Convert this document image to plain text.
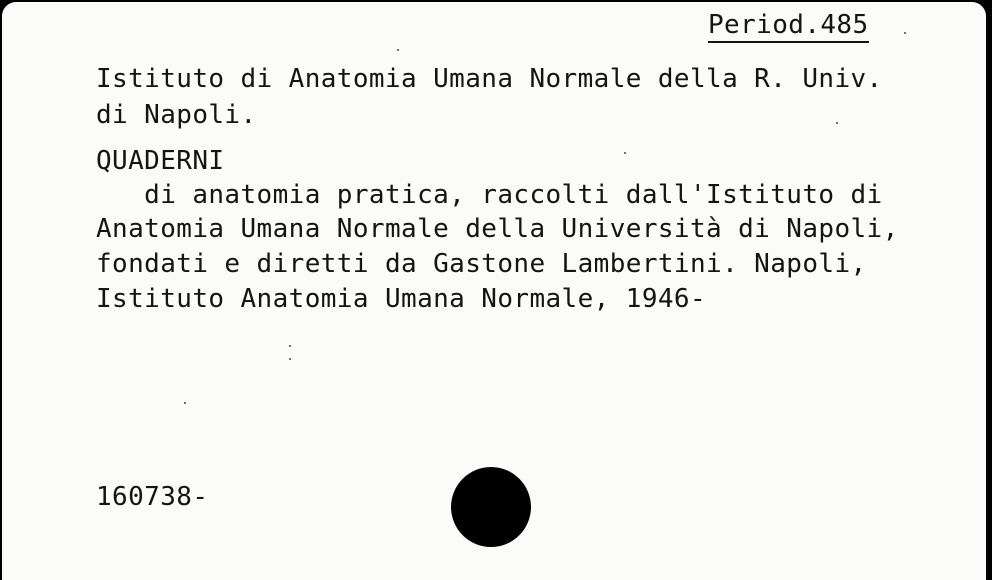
Period.485
Istituto di Anatomia Umana Normale della R. Univ.
di Napoli.
QUADERNI
di anatomia pratica, raccolti dall'Istituto di
Anatomia Umana Normale della Università di Napoli,
fondati e diretti da Gastone Lambertini. Napoli,
Istituto Anatomia Umana Normale, 1946-
160738-
